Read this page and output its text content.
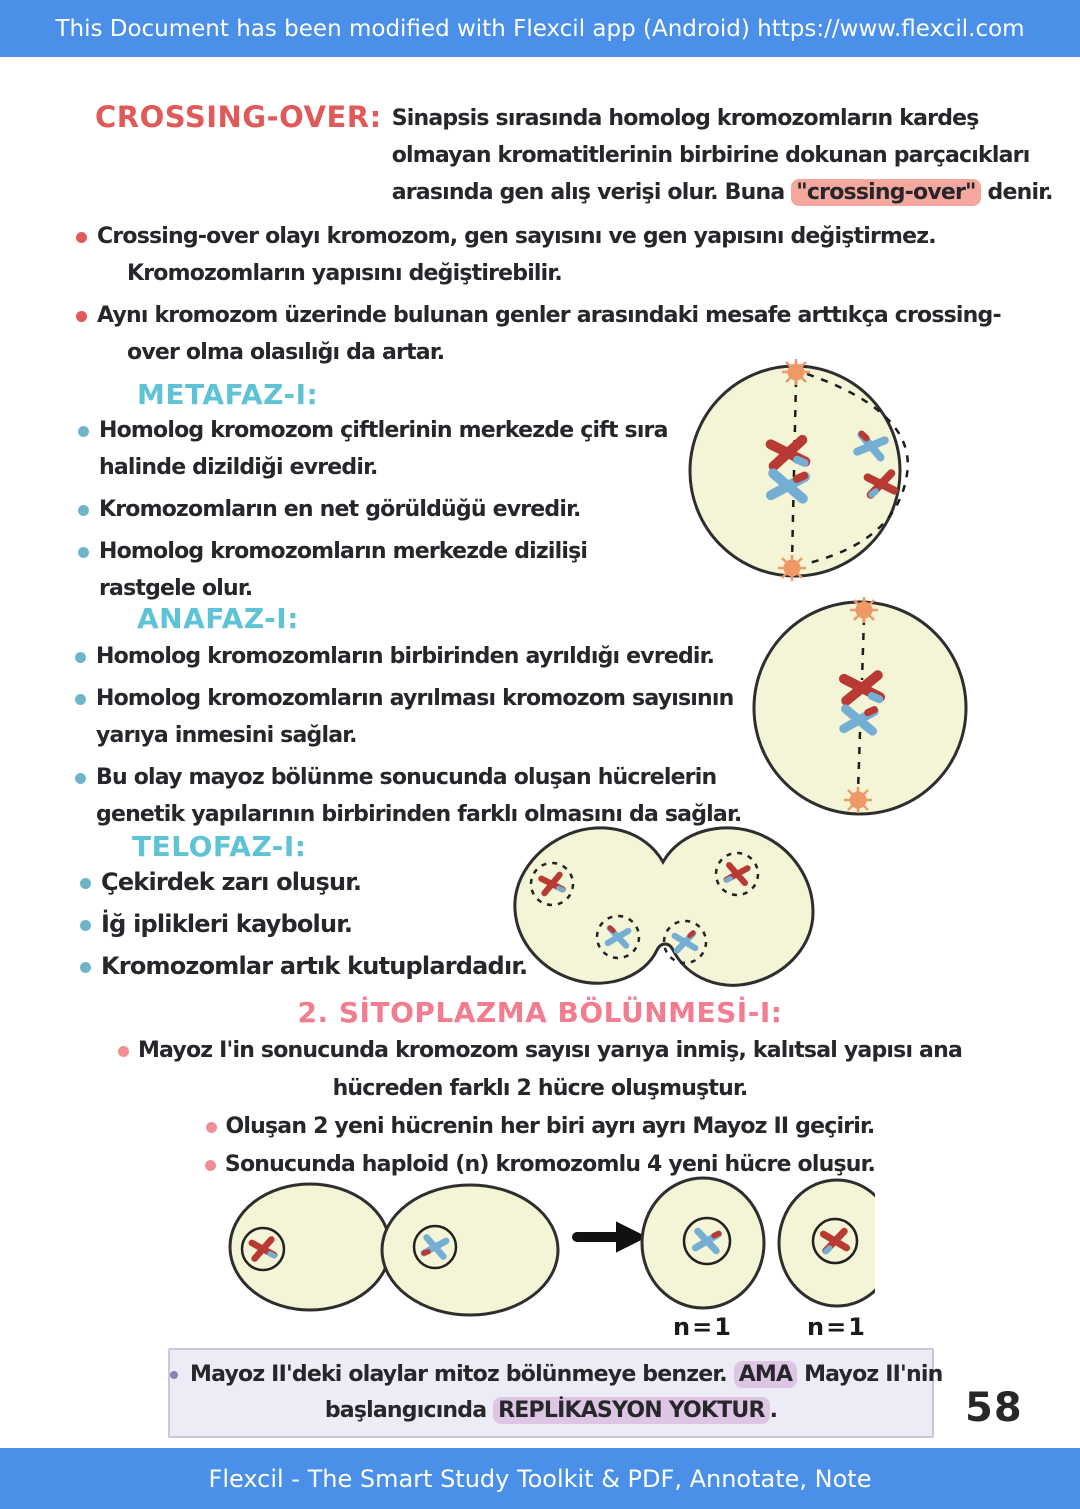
This Document has been modified with Flexcil app (Android) https://www.flexcil.com
CROSSING-OVER: Sinapsis sırasında homolog kromozomların kardeş
olmayan kromatitlerinin birbirine dokunan parçacıkları
arasında gen alış verişi olur. Buna "crossing-over" denir.
Crossing-over olayı kromozom, gen sayısını ve gen yapısını değiştirmez.
Kromozomların yapısını değiştirebilir.
Aynı kromozom üzerinde bulunan genler arasındaki mesafe arttıkça crossing-
over olma olasılığı da artar.
METAFAZ-I:
Homolog kromozom çiftlerinin merkezde çift sıra
halinde dizildiği evredir.
Kromozomların en net görüldüğü evredir.
Homolog kromozomların merkezde dizilişi
rastgele olur.
ANAFAZ-I:
Homolog kromozomların birbirinden ayrıldığı evredir.
Homolog kromozomların ayrılması kromozom sayısının
yarıya inmesini sağlar.
Bu olay mayoz bölünme sonucunda oluşan hücrelerin
genetik yapılarının birbirinden farklı olmasını da sağlar.
TELOFAZ-I:
Çekirdek zarı oluşur.
İğ iplikleri kaybolur.
Kromozomlar artık kutuplardadır.
2. SİTOPLAZMA BÖLÜNMESİ-I:
Mayoz I'in sonucunda kromozom sayısı yarıya inmiş, kalıtsal yapısı ana
hücreden farklı 2 hücre oluşmuştur.
Oluşan 2 yeni hücrenin her biri ayrı ayrı Mayoz II geçirir.
Sonucunda haploid (n) kromozomlu 4 yeni hücre oluşur.
n=1	n=1
Mayoz II'deki olaylar mitoz bölünmeye benzer. AMA Mayoz II'nin
başlangıcında REPLİKASYON YOKTUR .	58
Flexcil - The Smart Study Toolkit & PDF, Annotate, Note
